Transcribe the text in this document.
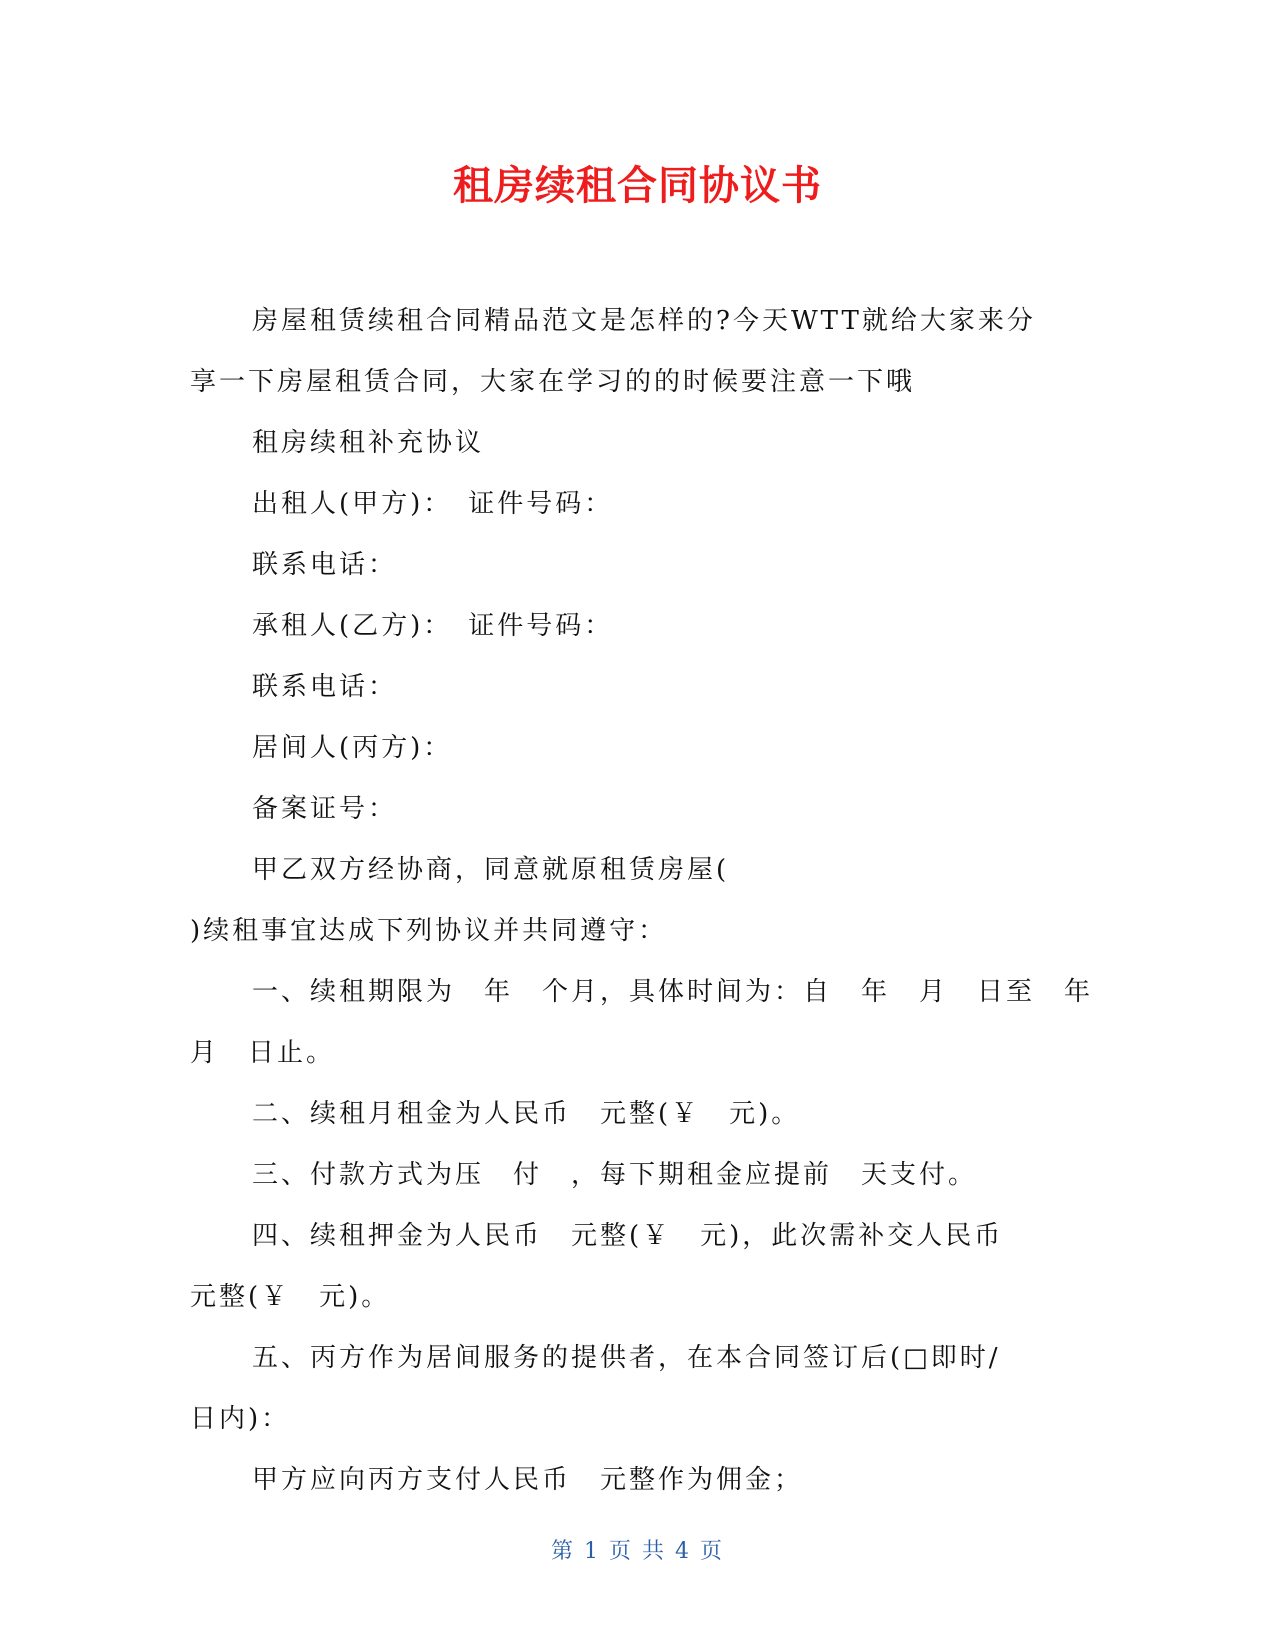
租房续租合同协议书

房屋租赁续租合同精品范文是怎样的?今天WTT就给大家来分

享一下房屋租赁合同，大家在学习的的时候要注意一下哦

租房续租补充协议

出租人(甲方)：　证件号码：

联系电话：

承租人(乙方)：　证件号码：

联系电话：

居间人(丙方)：

备案证号：

甲乙双方经协商，同意就原租赁房屋(

)续租事宜达成下列协议并共同遵守：

一、续租期限为　年　个月，具体时间为：自　年　月　日至　年

月　日止。

二、续租月租金为人民币　元整(￥　元)。

三、付款方式为压　付　，每下期租金应提前　天支付。

四、续租押金为人民币　元整(￥　元)，此次需补交人民币

元整(￥　元)。

五、丙方作为居间服务的提供者，在本合同签订后(□即时/

日内)：

甲方应向丙方支付人民币　元整作为佣金；

第 1 页 共 4 页
